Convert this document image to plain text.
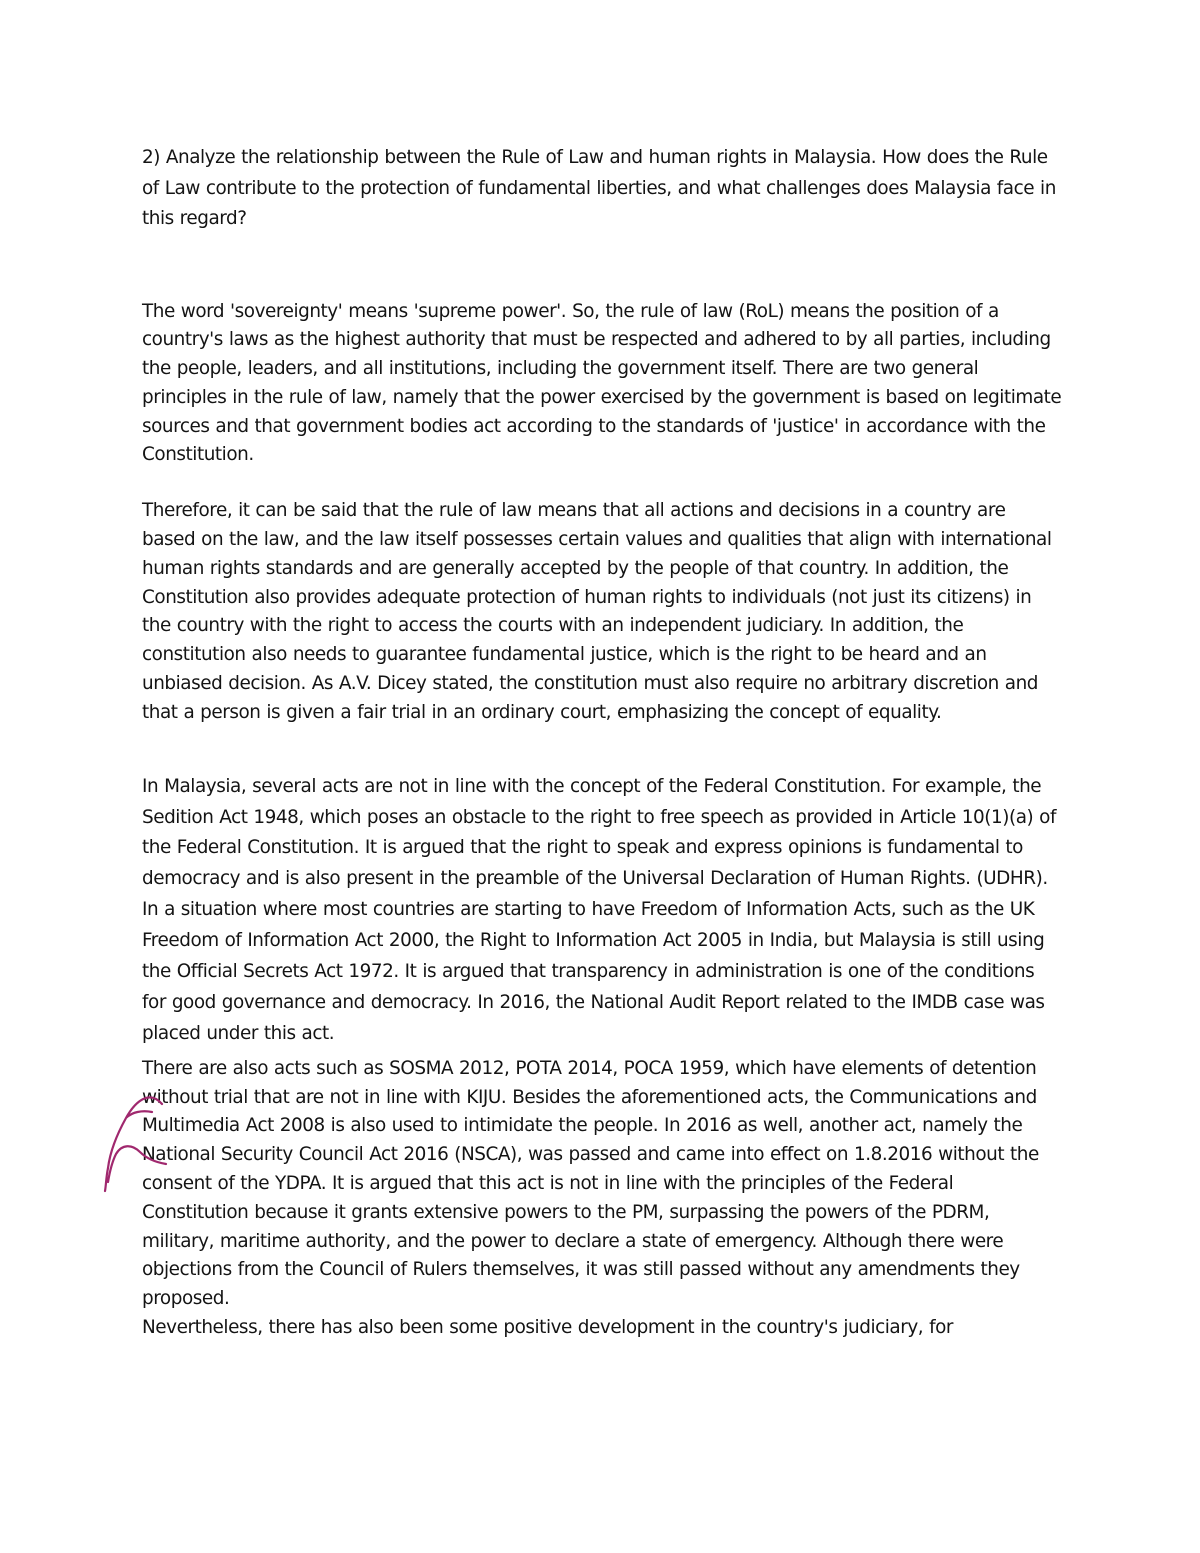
2) Analyze the relationship between the Rule of Law and human rights in Malaysia. How does the Rule of Law contribute to the protection of fundamental liberties, and what challenges does Malaysia face in this regard?

The word 'sovereignty' means 'supreme power'. So, the rule of law (RoL) means the position of a country's laws as the highest authority that must be respected and adhered to by all parties, including the people, leaders, and all institutions, including the government itself. There are two general principles in the rule of law, namely that the power exercised by the government is based on legitimate sources and that government bodies act according to the standards of 'justice' in accordance with the Constitution.

Therefore, it can be said that the rule of law means that all actions and decisions in a country are based on the law, and the law itself possesses certain values and qualities that align with international human rights standards and are generally accepted by the people of that country. In addition, the Constitution also provides adequate protection of human rights to individuals (not just its citizens) in the country with the right to access the courts with an independent judiciary. In addition, the constitution also needs to guarantee fundamental justice, which is the right to be heard and an unbiased decision. As A.V. Dicey stated, the constitution must also require no arbitrary discretion and that a person is given a fair trial in an ordinary court, emphasizing the concept of equality.

In Malaysia, several acts are not in line with the concept of the Federal Constitution. For example, the Sedition Act 1948, which poses an obstacle to the right to free speech as provided in Article 10(1)(a) of the Federal Constitution. It is argued that the right to speak and express opinions is fundamental to democracy and is also present in the preamble of the Universal Declaration of Human Rights. (UDHR). In a situation where most countries are starting to have Freedom of Information Acts, such as the UK Freedom of Information Act 2000, the Right to Information Act 2005 in India, but Malaysia is still using the Official Secrets Act 1972. It is argued that transparency in administration is one of the conditions for good governance and democracy. In 2016, the National Audit Report related to the IMDB case was placed under this act.

There are also acts such as SOSMA 2012, POTA 2014, POCA 1959, which have elements of detention without trial that are not in line with KIJU. Besides the aforementioned acts, the Communications and Multimedia Act 2008 is also used to intimidate the people. In 2016 as well, another act, namely the National Security Council Act 2016 (NSCA), was passed and came into effect on 1.8.2016 without the consent of the YDPA. It is argued that this act is not in line with the principles of the Federal Constitution because it grants extensive powers to the PM, surpassing the powers of the PDRM, military, maritime authority, and the power to declare a state of emergency. Although there were objections from the Council of Rulers themselves, it was still passed without any amendments they proposed.

Nevertheless, there has also been some positive development in the country's judiciary, for
